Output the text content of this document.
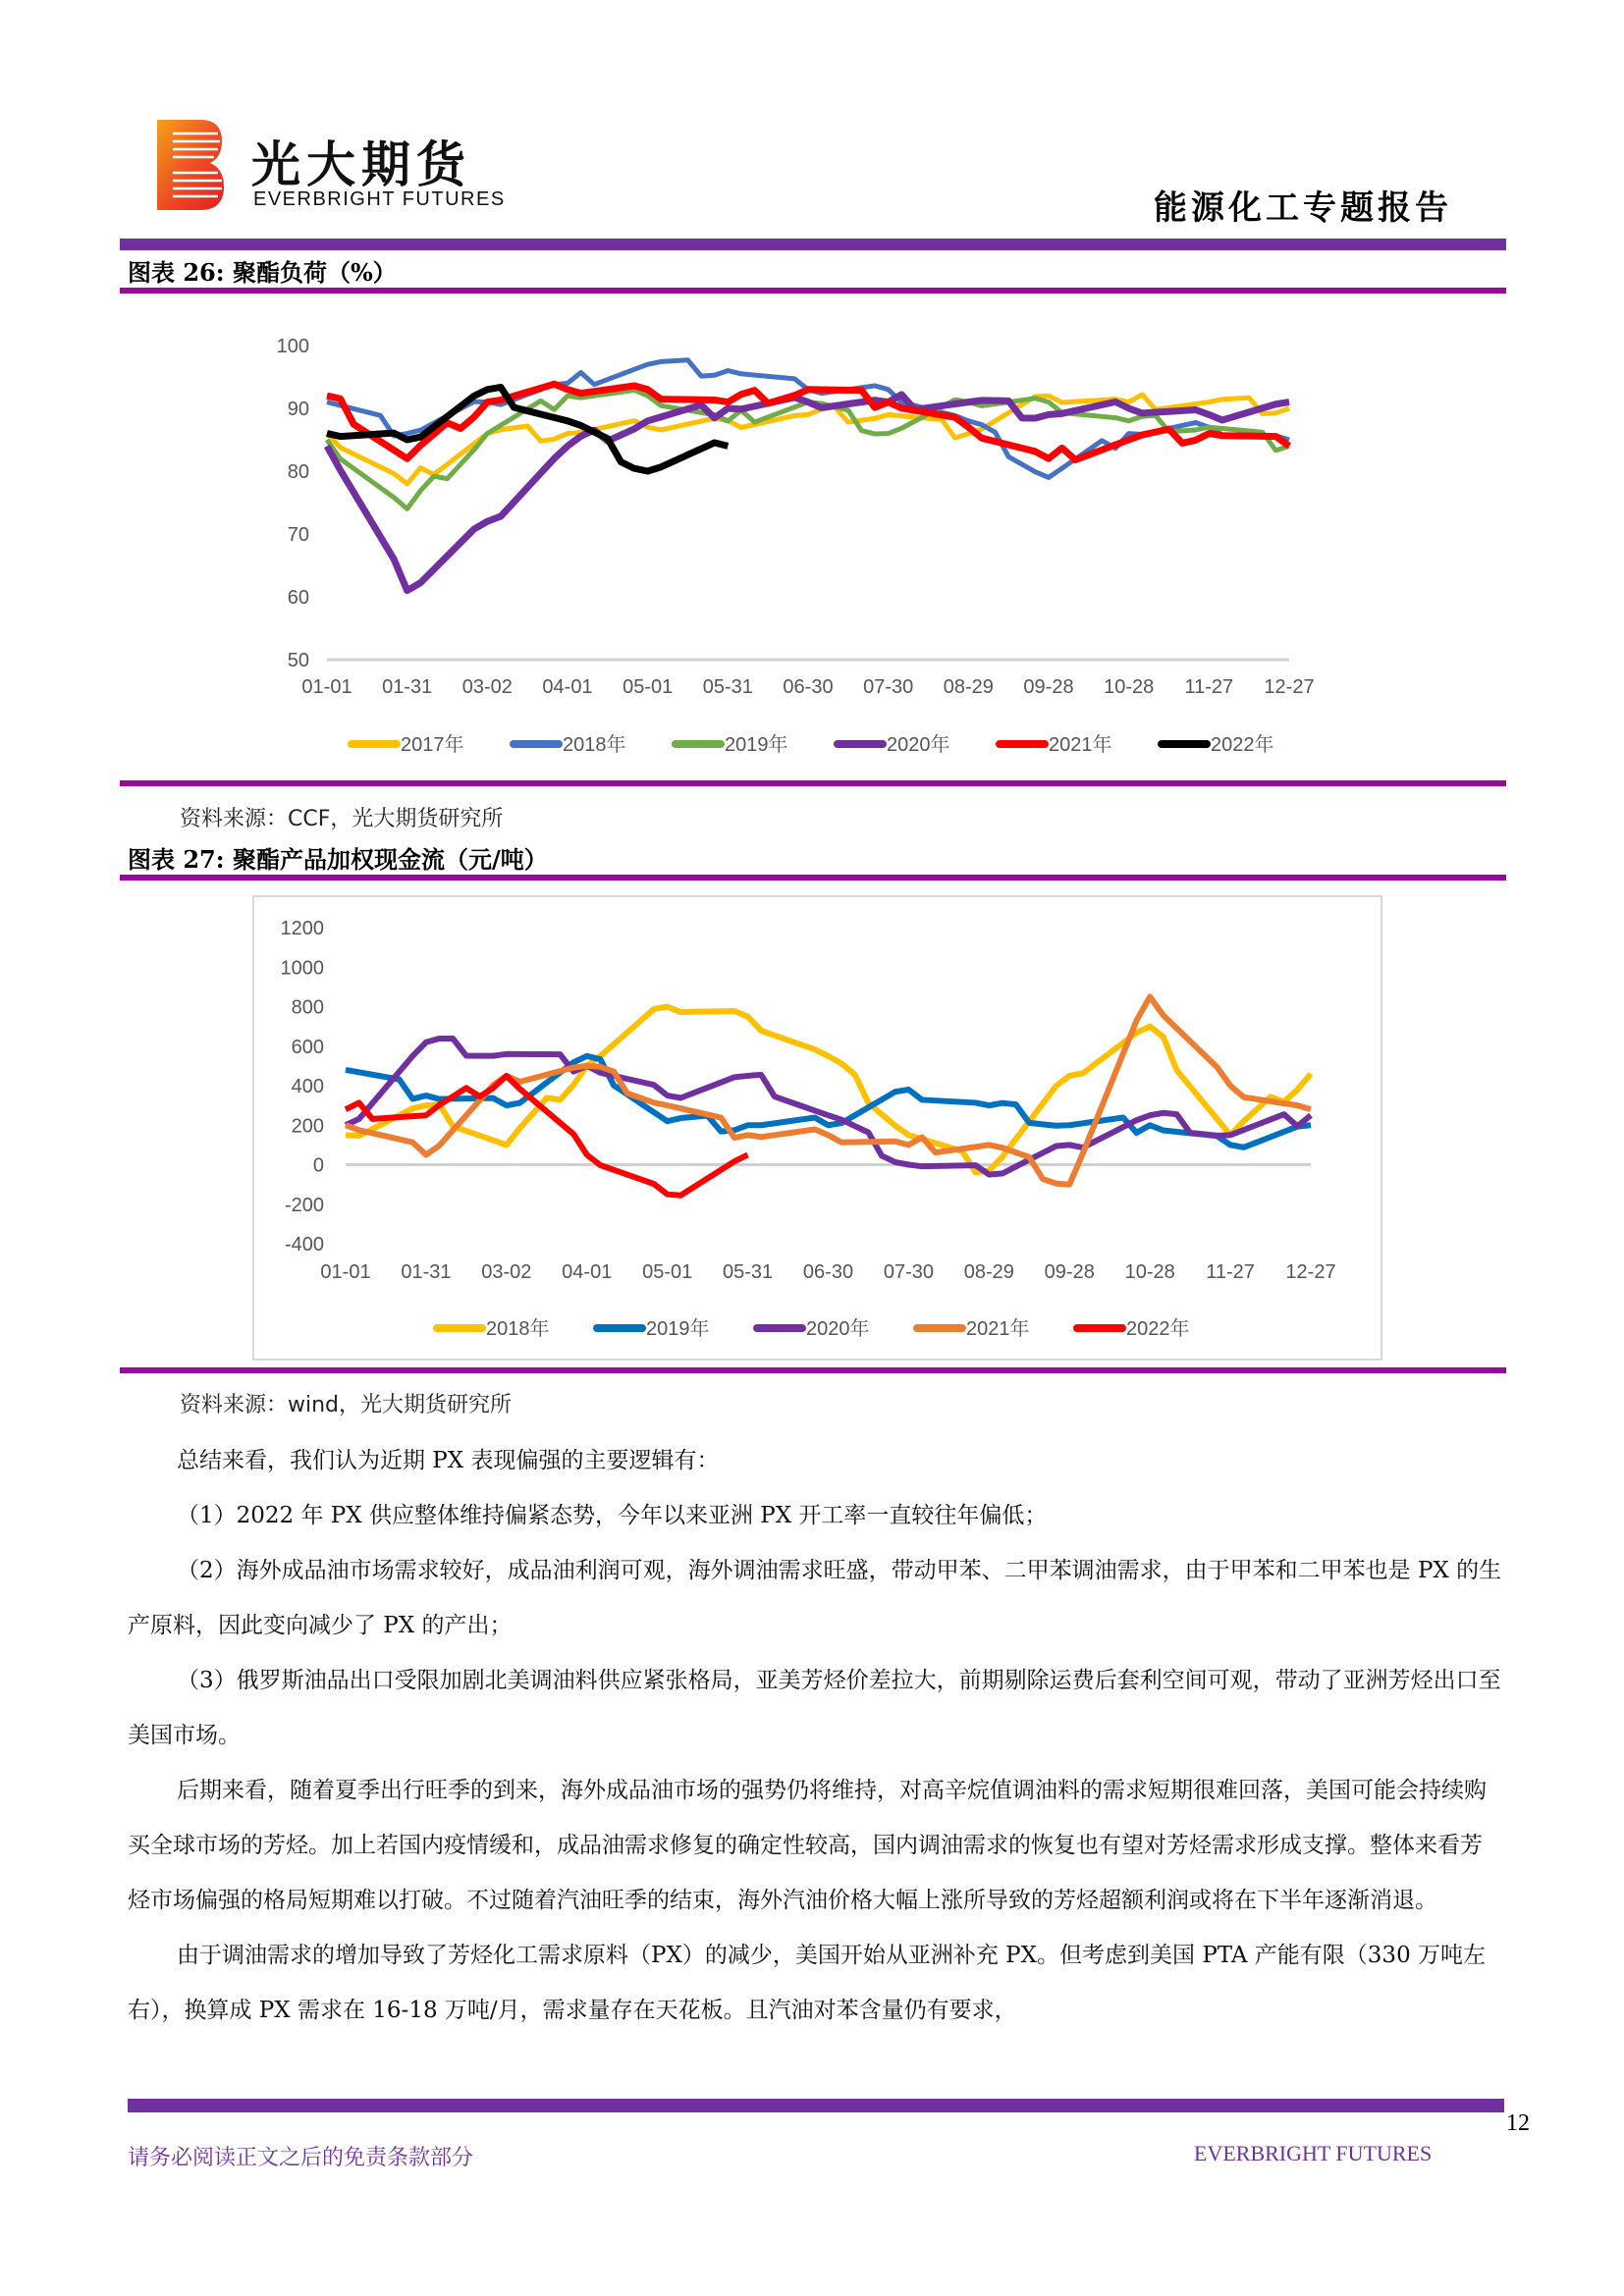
光大期货
EVERBRIGHT FUTURES	能源化工专题报告
图表 26: 聚酯负荷（%）
50
60
70
80
90
100
01-01 01-31 03-02 04-01 05-01 05-31 06-30 07-30 08-29 09-28 10-28 11-27 12-27
2017年	2018年	2019年	2020年	2021年	2022年
资料来源：CCF，光大期货研究所
图表 27: 聚酯产品加权现金流（元/吨）
-400
-200
0
200
400
600
800
1000
1200
01-01 01-31 03-02 04-01 05-01 05-31 06-30 07-30 08-29 09-28 10-28 11-27 12-27
2018年	2019年	2020年	2021年	2022年
资料来源：wind，光大期货研究所

总结来看，我们认为近期 PX 表现偏强的主要逻辑有：

（1）2022 年 PX 供应整体维持偏紧态势，今年以来亚洲 PX 开工率一直较往年偏低；

（2）海外成品油市场需求较好，成品油利润可观，海外调油需求旺盛，带动甲苯、二甲苯调油需求，由于甲苯和二甲苯也是 PX 的生产原料，因此变向减少了 PX 的产出；

（3）俄罗斯油品出口受限加剧北美调油料供应紧张格局，亚美芳烃价差拉大，前期剔除运费后套利空间可观，带动了亚洲芳烃出口至美国市场。

后期来看，随着夏季出行旺季的到来，海外成品油市场的强势仍将维持，对高辛烷值调油料的需求短期很难回落，美国可能会持续购买全球市场的芳烃。加上若国内疫情缓和，成品油需求修复的确定性较高，国内调油需求的恢复也有望对芳烃需求形成支撑。整体来看芳烃市场偏强的格局短期难以打破。不过随着汽油旺季的结束，海外汽油价格大幅上涨所导致的芳烃超额利润或将在下半年逐渐消退。

由于调油需求的增加导致了芳烃化工需求原料（PX）的减少，美国开始从亚洲补充 PX。但考虑到美国 PTA 产能有限（330 万吨左右），换算成 PX 需求在 16-18 万吨/月，需求量存在天花板。且汽油对苯含量仍有要求，

12
请务必阅读正文之后的免责条款部分	EVERBRIGHT FUTURES
